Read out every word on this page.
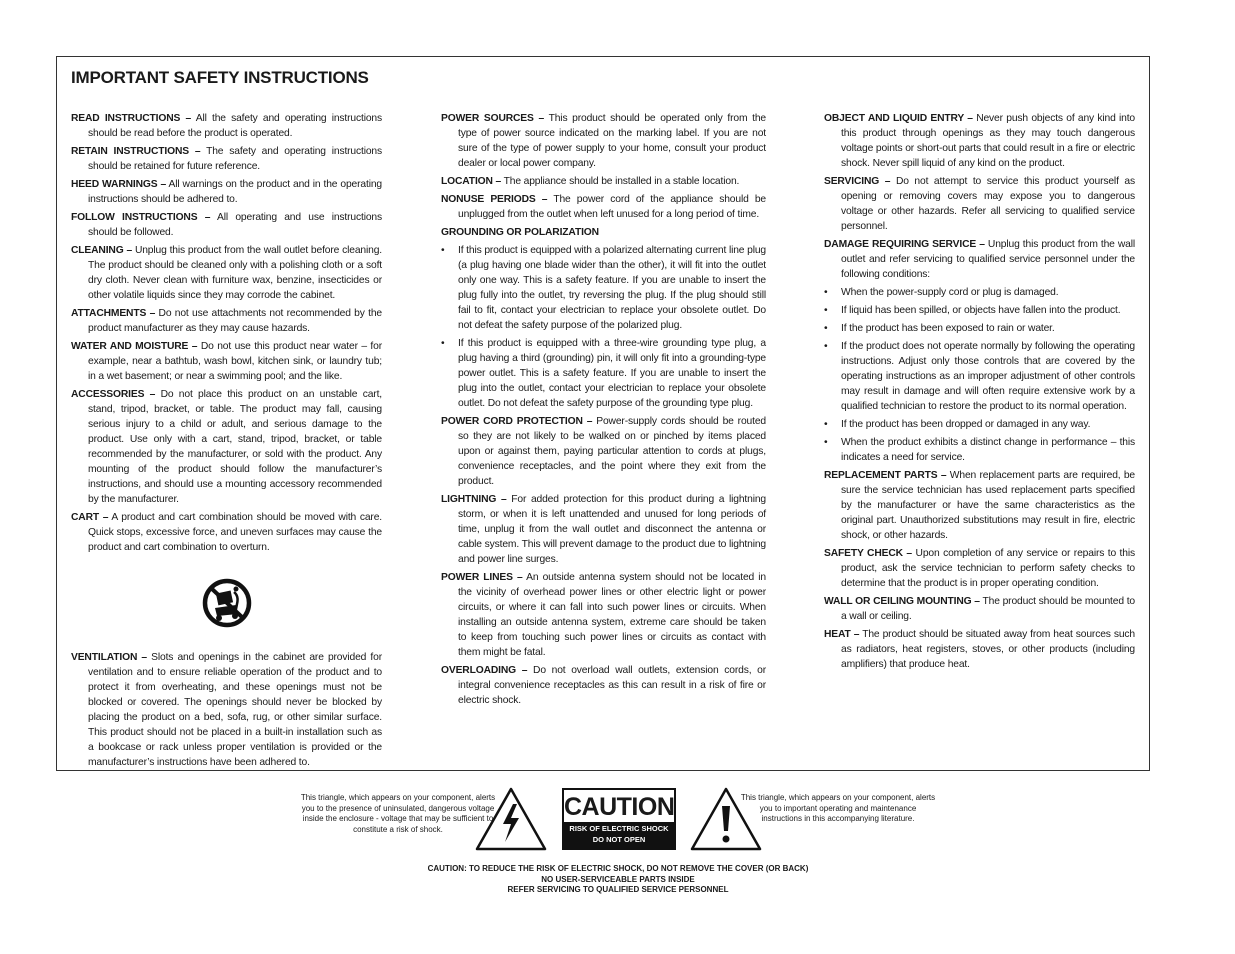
IMPORTANT SAFETY INSTRUCTIONS

READ INSTRUCTIONS – All the safety and operating instructions should be read before the product is operated.

RETAIN INSTRUCTIONS – The safety and operating instructions should be retained for future reference.

HEED WARNINGS – All warnings on the product and in the operating instructions should be adhered to.

FOLLOW INSTRUCTIONS – All operating and use instructions should be followed.

CLEANING – Unplug this product from the wall outlet before cleaning. The product should be cleaned only with a polishing cloth or a soft dry cloth. Never clean with furniture wax, benzine, insecticides or other volatile liquids since they may corrode the cabinet.

ATTACHMENTS – Do not use attachments not recommended by the product manufacturer as they may cause hazards.

WATER AND MOISTURE – Do not use this product near water – for example, near a bathtub, wash bowl, kitchen sink, or laundry tub; in a wet basement; or near a swimming pool; and the like.

ACCESSORIES – Do not place this product on an unstable cart, stand, tripod, bracket, or table. The product may fall, causing serious injury to a child or adult, and serious damage to the product. Use only with a cart, stand, tripod, bracket, or table recommended by the manufacturer, or sold with the product. Any mounting of the product should follow the manufacturer’s instructions, and should use a mounting accessory recommended by the manufacturer.

CART – A product and cart combination should be moved with care. Quick stops, excessive force, and uneven surfaces may cause the product and cart combination to overturn.

VENTILATION – Slots and openings in the cabinet are provided for ventilation and to ensure reliable operation of the product and to protect it from overheating, and these openings must not be blocked or covered. The openings should never be blocked by placing the product on a bed, sofa, rug, or other similar surface. This product should not be placed in a built-in installation such as a bookcase or rack unless proper ventilation is provided or the manufacturer’s instructions have been adhered to.

POWER SOURCES – This product should be operated only from the type of power source indicated on the marking label. If you are not sure of the type of power supply to your home, consult your product dealer or local power company.

LOCATION – The appliance should be installed in a stable location.

NONUSE PERIODS – The power cord of the appliance should be unplugged from the outlet when left unused for a long period of time.

GROUNDING OR POLARIZATION

• If this product is equipped with a polarized alternating current line plug (a plug having one blade wider than the other), it will fit into the outlet only one way. This is a safety feature. If you are unable to insert the plug fully into the outlet, try reversing the plug. If the plug should still fail to fit, contact your electrician to replace your obsolete outlet. Do not defeat the safety purpose of the polarized plug.
• If this product is equipped with a three-wire grounding type plug, a plug having a third (grounding) pin, it will only fit into a grounding-type power outlet. This is a safety feature. If you are unable to insert the plug into the outlet, contact your electrician to replace your obsolete outlet. Do not defeat the safety purpose of the grounding type plug.

POWER CORD PROTECTION – Power-supply cords should be routed so they are not likely to be walked on or pinched by items placed upon or against them, paying particular attention to cords at plugs, convenience receptacles, and the point where they exit from the product.

LIGHTNING – For added protection for this product during a lightning storm, or when it is left unattended and unused for long periods of time, unplug it from the wall outlet and disconnect the antenna or cable system. This will prevent damage to the product due to lightning and power line surges.

POWER LINES – An outside antenna system should not be located in the vicinity of overhead power lines or other electric light or power circuits, or where it can fall into such power lines or circuits. When installing an outside antenna system, extreme care should be taken to keep from touching such power lines or circuits as contact with them might be fatal.

OVERLOADING – Do not overload wall outlets, extension cords, or integral convenience receptacles as this can result in a risk of fire or electric shock.

OBJECT AND LIQUID ENTRY – Never push objects of any kind into this product through openings as they may touch dangerous voltage points or short-out parts that could result in a fire or electric shock. Never spill liquid of any kind on the product.

SERVICING – Do not attempt to service this product yourself as opening or removing covers may expose you to dangerous voltage or other hazards. Refer all servicing to qualified service personnel.

DAMAGE REQUIRING SERVICE – Unplug this product from the wall outlet and refer servicing to qualified service personnel under the following conditions:

• When the power-supply cord or plug is damaged.
• If liquid has been spilled, or objects have fallen into the product.
• If the product has been exposed to rain or water.
• If the product does not operate normally by following the operating instructions. Adjust only those controls that are covered by the operating instructions as an improper adjustment of other controls may result in damage and will often require extensive work by a qualified technician to restore the product to its normal operation.
• If the product has been dropped or damaged in any way.
• When the product exhibits a distinct change in performance – this indicates a need for service.

REPLACEMENT PARTS – When replacement parts are required, be sure the service technician has used replacement parts specified by the manufacturer or have the same characteristics as the original part. Unauthorized substitutions may result in fire, electric shock, or other hazards.

SAFETY CHECK – Upon completion of any service or repairs to this product, ask the service technician to perform safety checks to determine that the product is in proper operating condition.

WALL OR CEILING MOUNTING – The product should be mounted to a wall or ceiling.

HEAT – The product should be situated away from heat sources such as radiators, heat registers, stoves, or other products (including amplifiers) that produce heat.

This triangle, which appears on your component, alerts you to the presence of uninsulated, dangerous voltage inside the enclosure - voltage that may be sufficient to constitute a risk of shock.
CAUTION
RISK OF ELECTRIC SHOCK
DO NOT OPEN
This triangle, which appears on your component, alerts you to important operating and maintenance instructions in this accompanying literature.
CAUTION: TO REDUCE THE RISK OF ELECTRIC SHOCK, DO NOT REMOVE THE COVER (OR BACK)
NO USER-SERVICEABLE PARTS INSIDE
REFER SERVICING TO QUALIFIED SERVICE PERSONNEL
